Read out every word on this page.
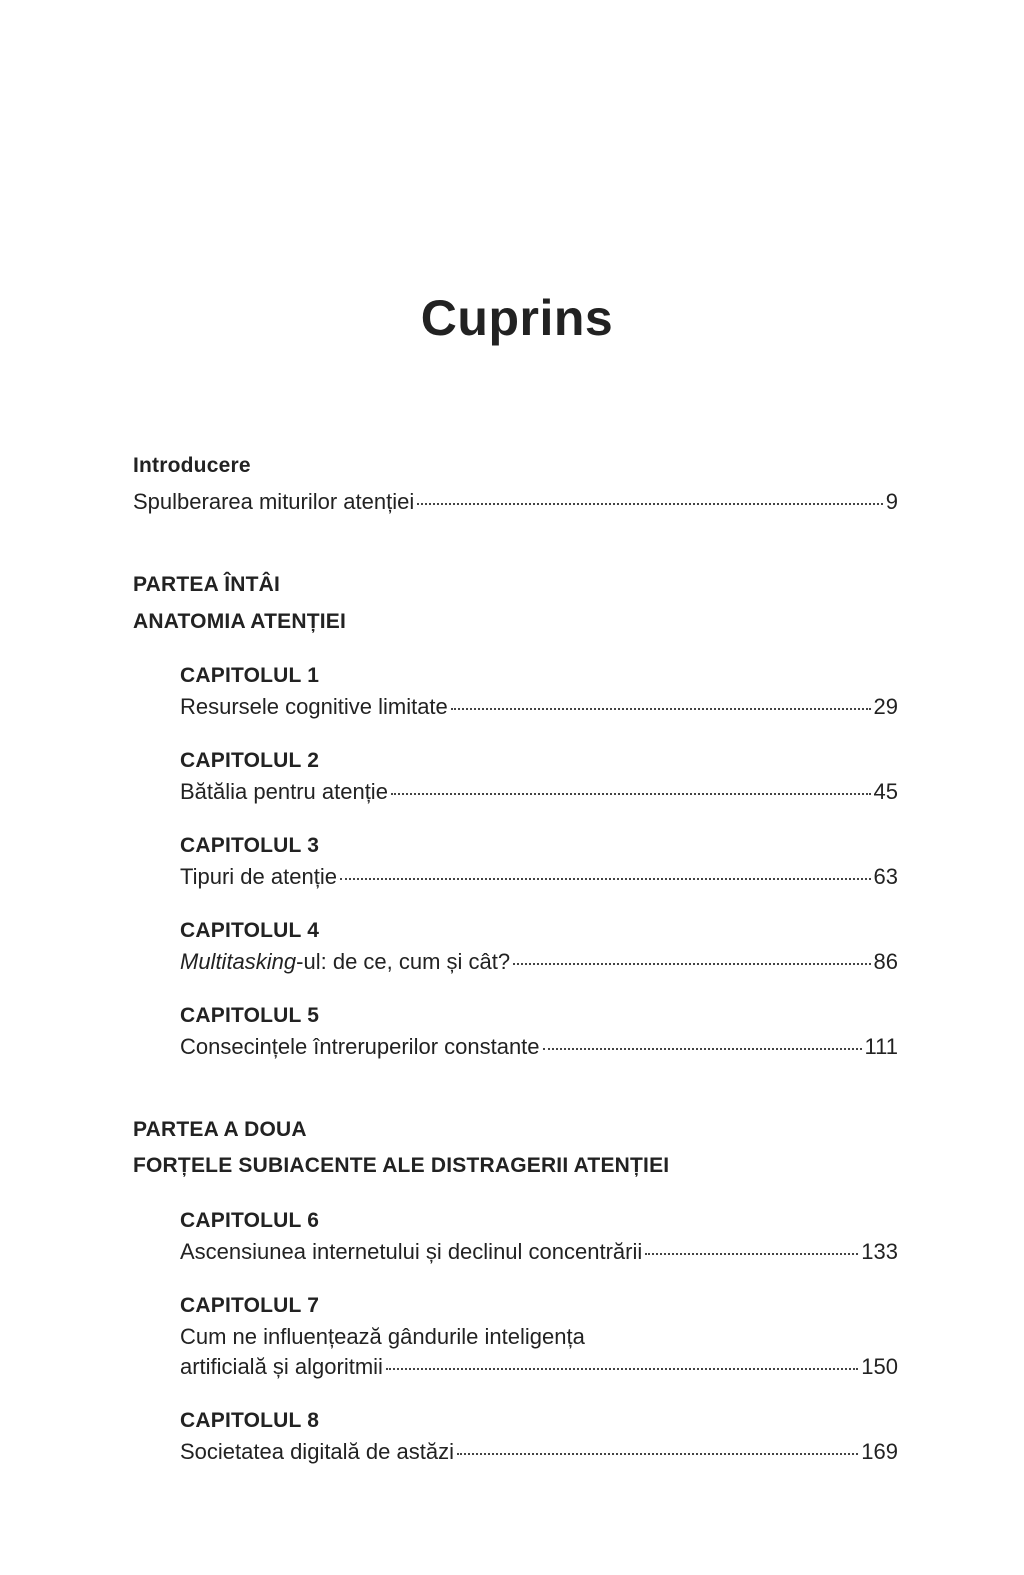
Cuprins
Introducere
Spulberarea miturilor atenției	9
PARTEA ÎNTÂI
ANATOMIA ATENȚIEI
CAPITOLUL 1
Resursele cognitive limitate	29
CAPITOLUL 2
Bătălia pentru atenție	45
CAPITOLUL 3
Tipuri de atenție	63
CAPITOLUL 4
Multitasking-ul: de ce, cum și cât?	86
CAPITOLUL 5
Consecințele întreruperilor constante	111
PARTEA A DOUA
FORȚELE SUBIACENTE ALE DISTRAGERII ATENȚIEI
CAPITOLUL 6
Ascensiunea internetului și declinul concentrării	133
CAPITOLUL 7
Cum ne influențează gândurile inteligența
artificială și algoritmii	150
CAPITOLUL 8
Societatea digitală de astăzi	169
